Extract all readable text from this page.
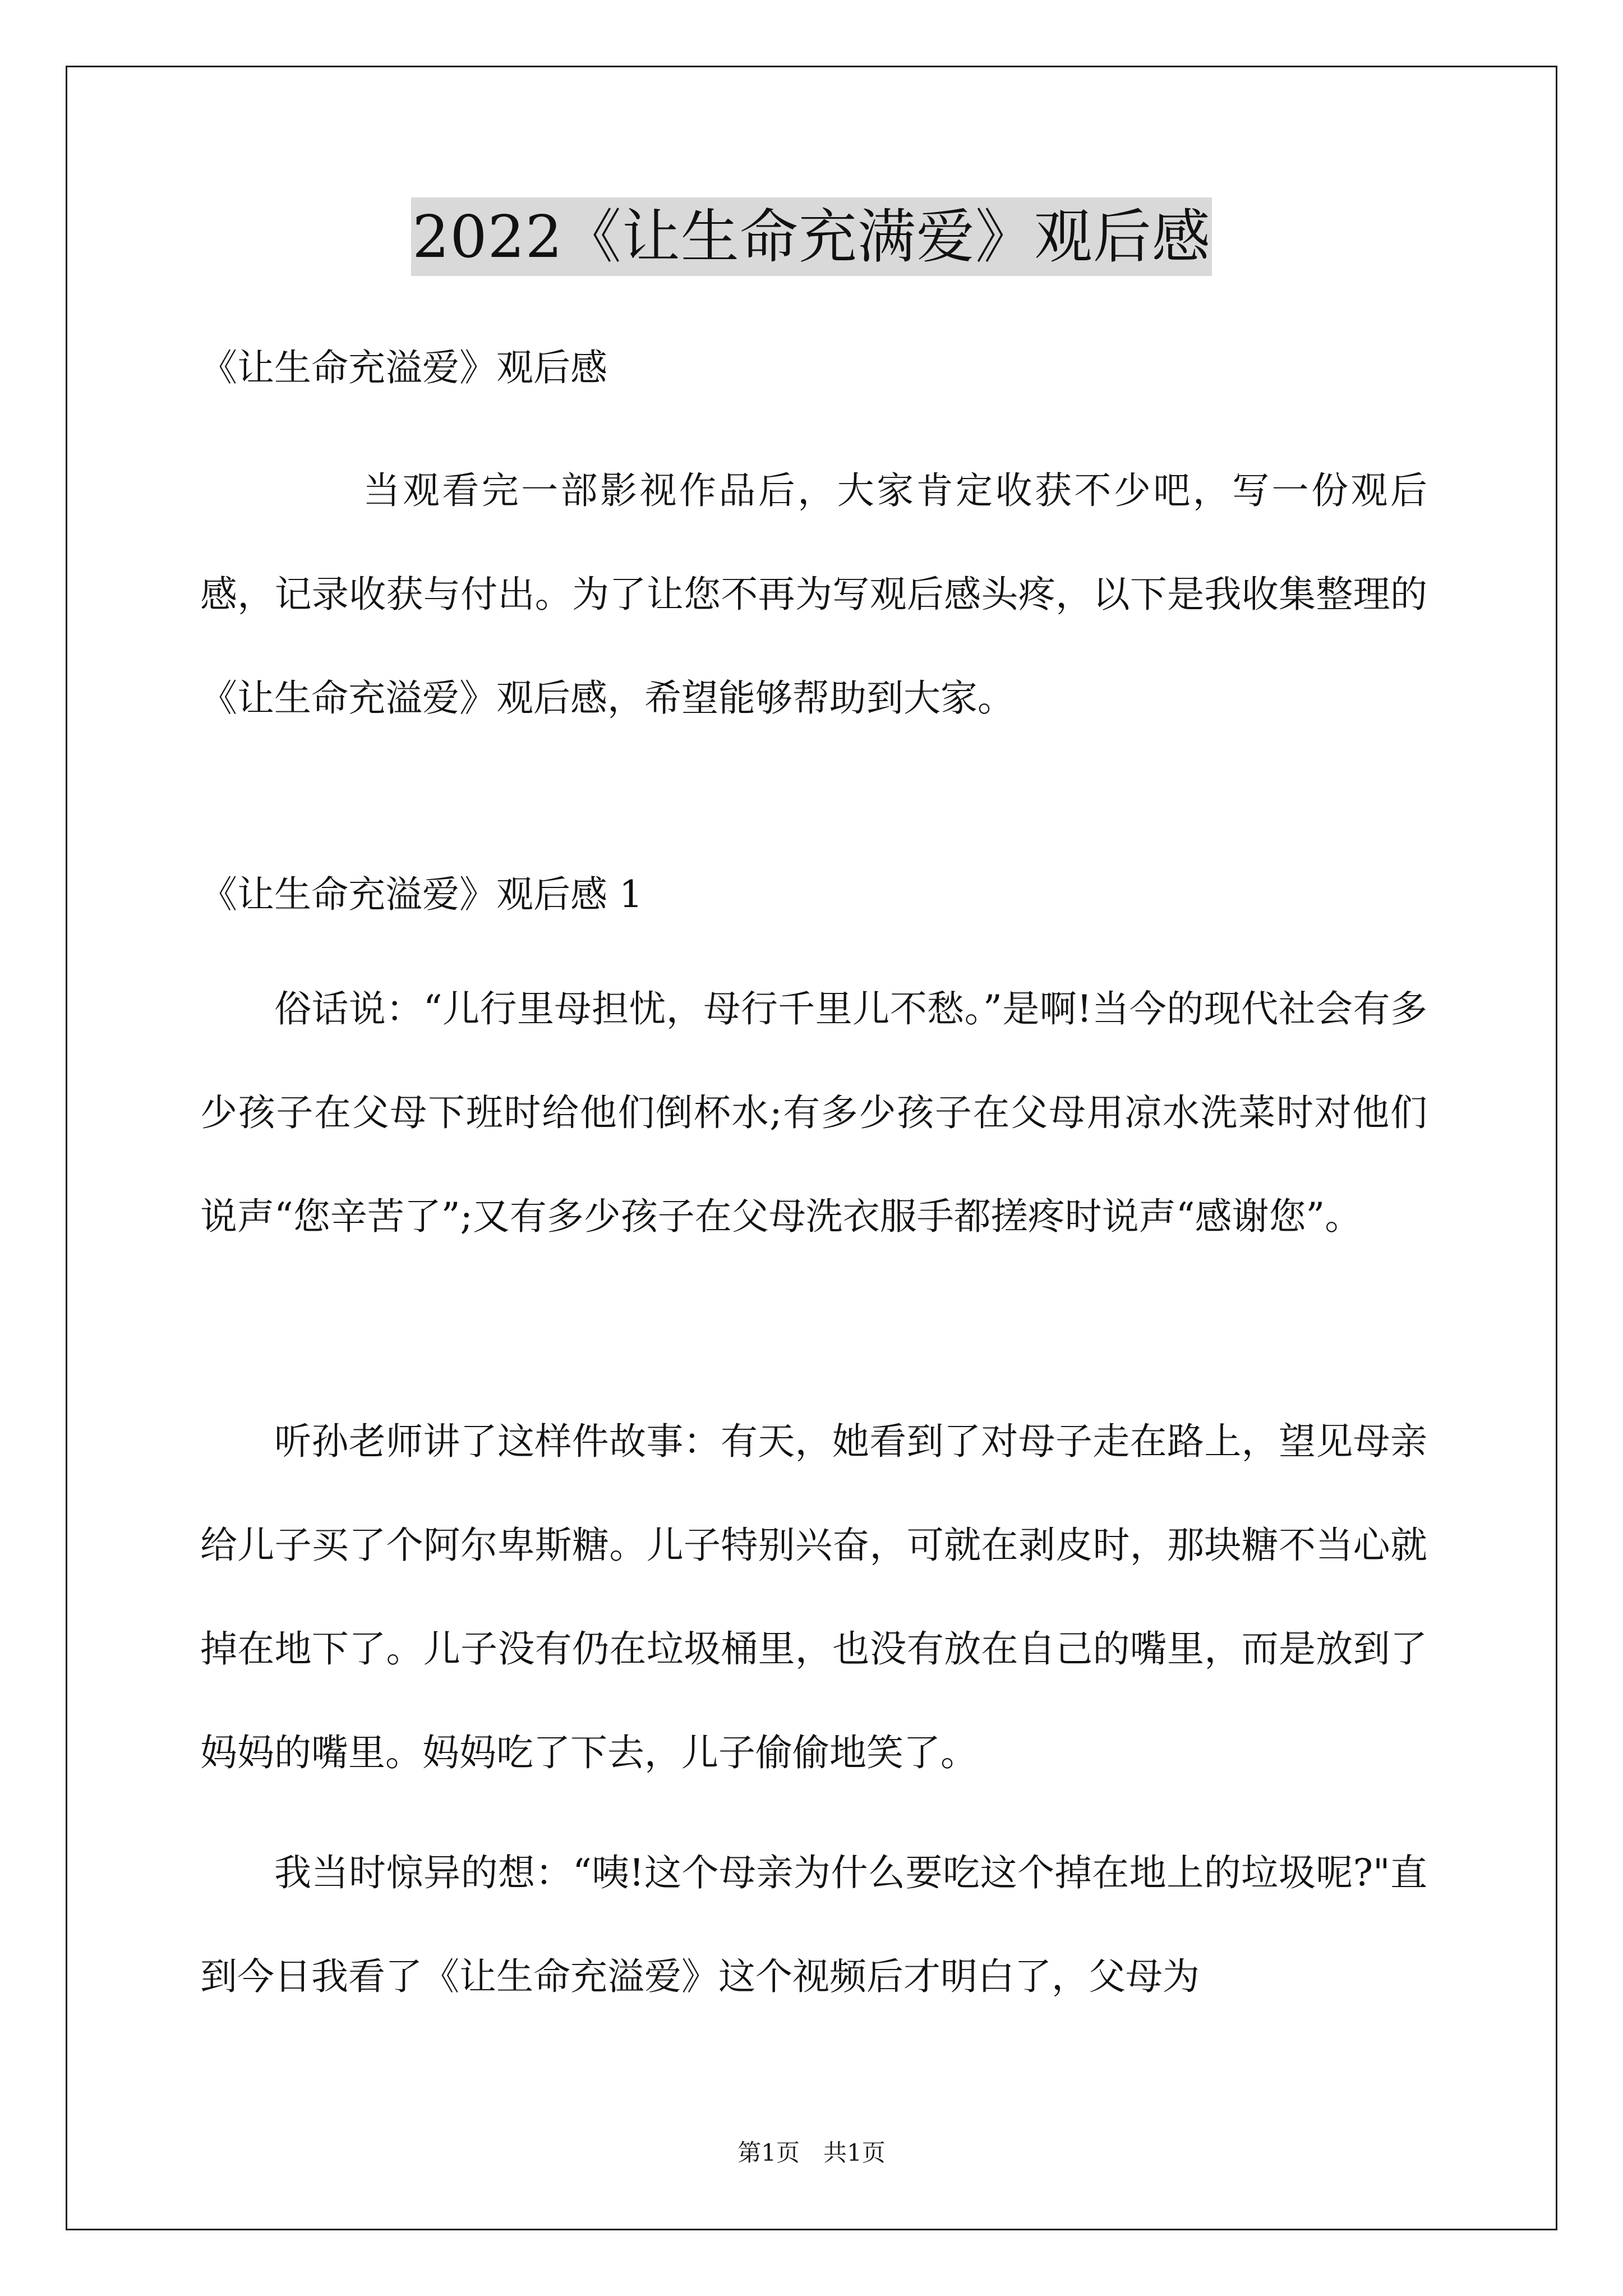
2022《让生命充满爱》观后感
《让生命充溢爱》观后感
当观看完一部影视作品后，大家肯定收获不少吧，写一份观后感，记录收获与付出。为了让您不再为写观后感头疼，以下是我收集整理的《让生命充溢爱》观后感，希望能够帮助到大家。
《让生命充溢爱》观后感 1
俗话说：“儿行里母担忧，母行千里儿不愁。”是啊!当今的现代社会有多少孩子在父母下班时给他们倒杯水;有多少孩子在父母用凉水洗菜时对他们说声“您辛苦了”;又有多少孩子在父母洗衣服手都搓疼时说声“感谢您”。
听孙老师讲了这样件故事：有天，她看到了对母子走在路上，望见母亲给儿子买了个阿尔卑斯糖。儿子特别兴奋，可就在剥皮时，那块糖不当心就掉在地下了。儿子没有仍在垃圾桶里，也没有放在自己的嘴里，而是放到了妈妈的嘴里。妈妈吃了下去，儿子偷偷地笑了。
我当时惊异的想：“咦!这个母亲为什么要吃这个掉在地上的垃圾呢?"直到今日我看了《让生命充溢爱》这个视频后才明白了，父母为
第1页　共1页
